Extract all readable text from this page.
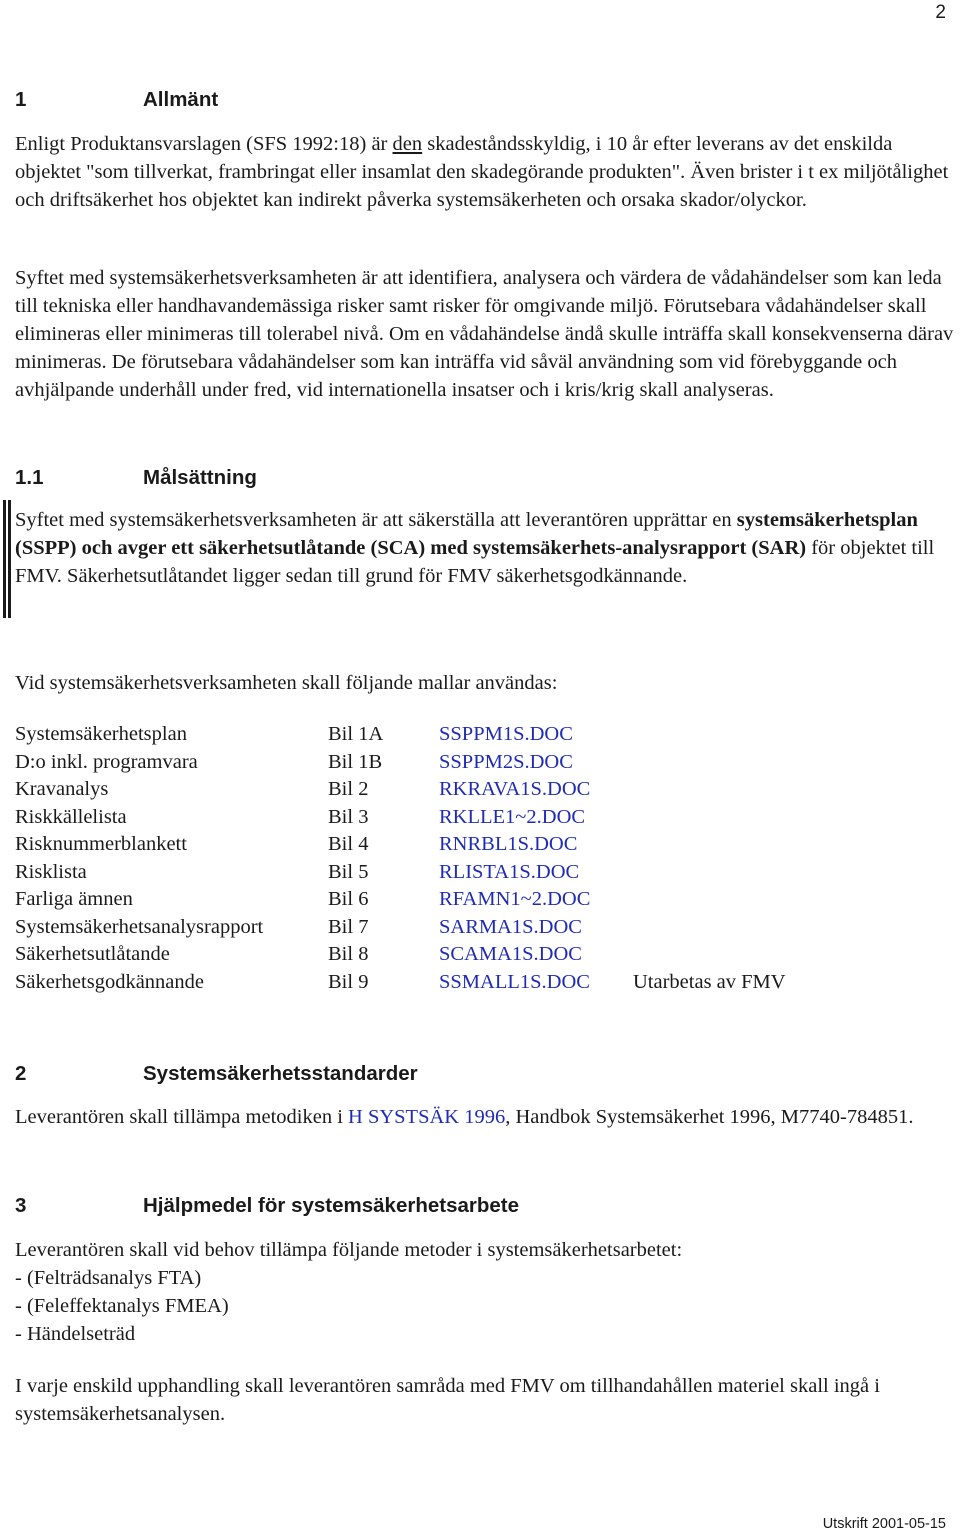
2
1	Allmänt

Enligt Produktansvarslagen (SFS 1992:18) är den skadeståndsskyldig, i 10 år efter leverans av det enskilda objektet "som tillverkat, frambringat eller insamlat den skadegörande produkten". Även brister i t ex miljötålighet och driftsäkerhet hos objektet kan indirekt påverka systemsäkerheten och orsaka skador/olyckor.

Syftet med systemsäkerhetsverksamheten är att identifiera, analysera och värdera de vådahändelser som kan leda till tekniska eller handhavandemässiga risker samt risker för omgivande miljö. Förutsebara vådahändelser skall elimineras eller minimeras till tolerabel nivå. Om en vådahändelse ändå skulle inträffa skall konsekvenserna därav minimeras. De förutsebara vådahändelser som kan inträffa vid såväl användning som vid förebyggande och avhjälpande underhåll under fred, vid internationella insatser och i kris/krig skall analyseras.

1.1	Målsättning

Syftet med systemsäkerhetsverksamheten är att säkerställa att leverantören upprättar en systemsäkerhetsplan (SSPP) och avger ett säkerhetsutlåtande (SCA) med systemsäkerhets-analysrapport (SAR) för objektet till FMV. Säkerhetsutlåtandet ligger sedan till grund för FMV säkerhetsgodkännande.

Vid systemsäkerhetsverksamheten skall följande mallar användas:

Systemsäkerhetsplan	Bil 1A	SSPPM1S.DOC
D:o inkl. programvara	Bil 1B	SSPPM2S.DOC
Kravanalys	Bil 2	RKRAVA1S.DOC
Riskkällelista	Bil 3	RKLLE1~2.DOC
Risknummerblankett	Bil 4	RNRBL1S.DOC
Risklista	Bil 5	RLISTA1S.DOC
Farliga ämnen	Bil 6	RFAMN1~2.DOC
Systemsäkerhetsanalysrapport	Bil 7	SARMA1S.DOC
Säkerhetsutlåtande	Bil 8	SCAMA1S.DOC
Säkerhetsgodkännande	Bil 9	SSMALL1S.DOC Utarbetas av FMV
2	Systemsäkerhetsstandarder

Leverantören skall tillämpa metodiken i H SYSTSÄK 1996, Handbok Systemsäkerhet 1996, M7740-784851.

3	Hjälpmedel för systemsäkerhetsarbete

Leverantören skall vid behov tillämpa följande metoder i systemsäkerhetsarbetet:

- (Felträdsanalys FTA)
- (Feleffektanalys FMEA)
- Händelseträd

I varje enskild upphandling skall leverantören samråda med FMV om tillhandahållen materiel skall ingå i systemsäkerhetsanalysen.

Utskrift 2001-05-15
